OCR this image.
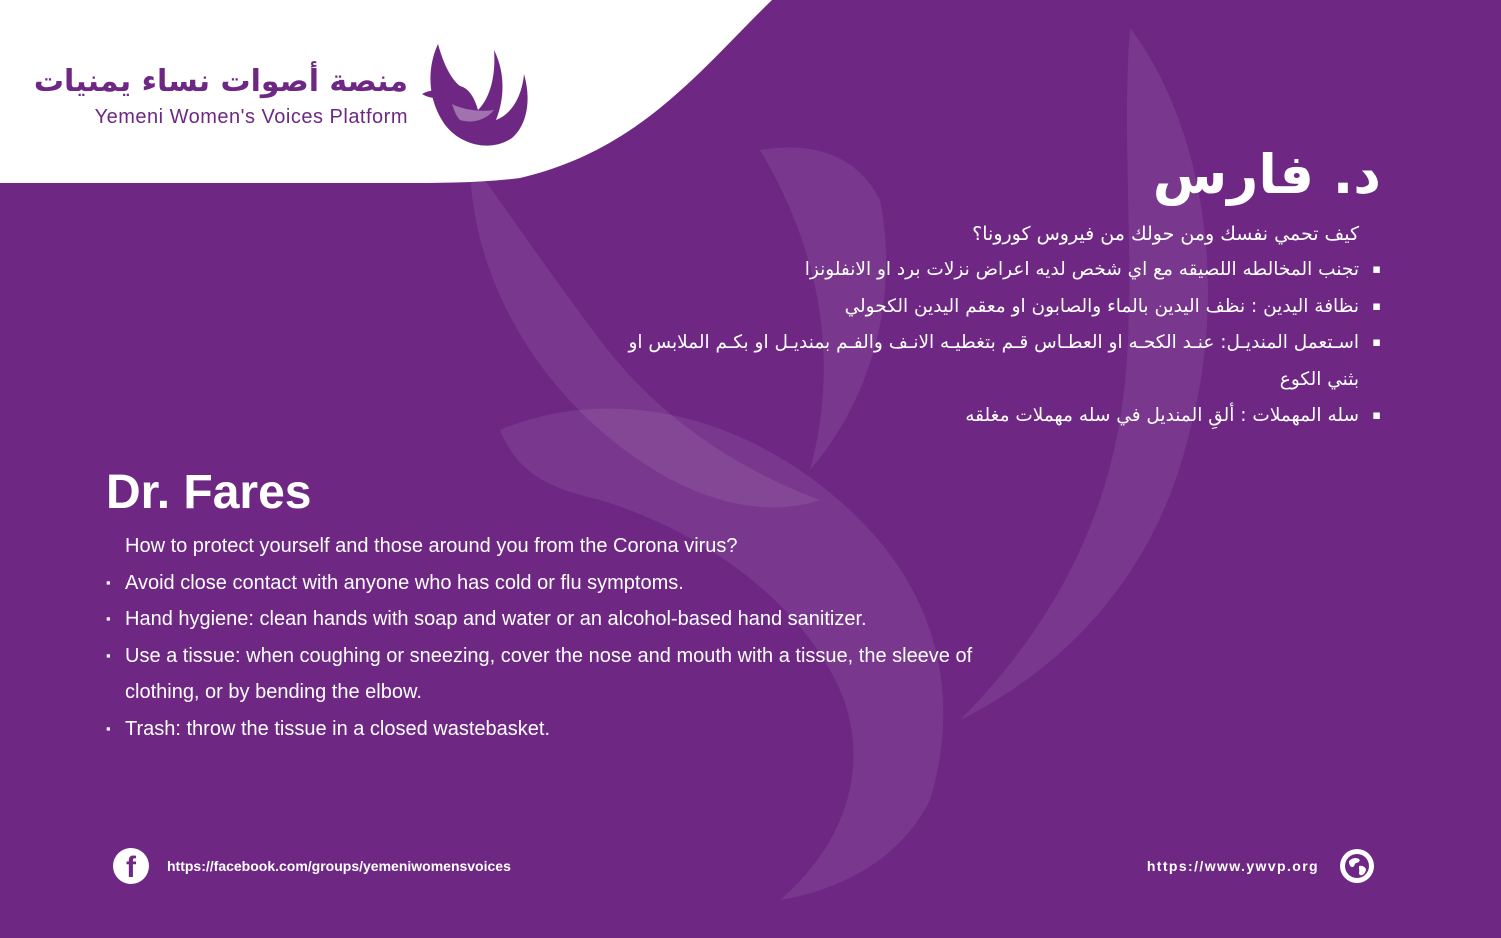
منصة أصوات نساء يمنيات
Yemeni Women's Voices Platform
د. فارس
كيف تحمي نفسك ومن حولك من فيروس كورونا؟
▪
تجنب المخالطه اللصيقه مع اي شخص لديه اعراض نزلات برد او الانفلونزا
▪
نظافة اليدين : نظف اليدين بالماء والصابون او معقم اليدين الكحولي
▪
اسـتعمل المنديـل: عنـد الكحـه او العطـاس قـم بتغطيـه الانـف والفـم بمنديـل او بكـم الملابس او بثني الكوع
▪
سله المهملات : ألقِ المنديل في سله مهملات مغلقه
Dr. Fares
How to protect yourself and those around you from the Corona virus?
▪ Avoid close contact with anyone who has cold or flu symptoms.
▪ Hand hygiene: clean hands with soap and water or an alcohol-based hand sanitizer.
▪ Use a tissue: when coughing or sneezing, cover the nose and mouth with a tissue, the sleeve of clothing, or by bending the elbow.
▪ Trash: throw the tissue in a closed wastebasket.
f https://facebook.com/groups/yemeniwomensvoices	https://www.ywvp.org
